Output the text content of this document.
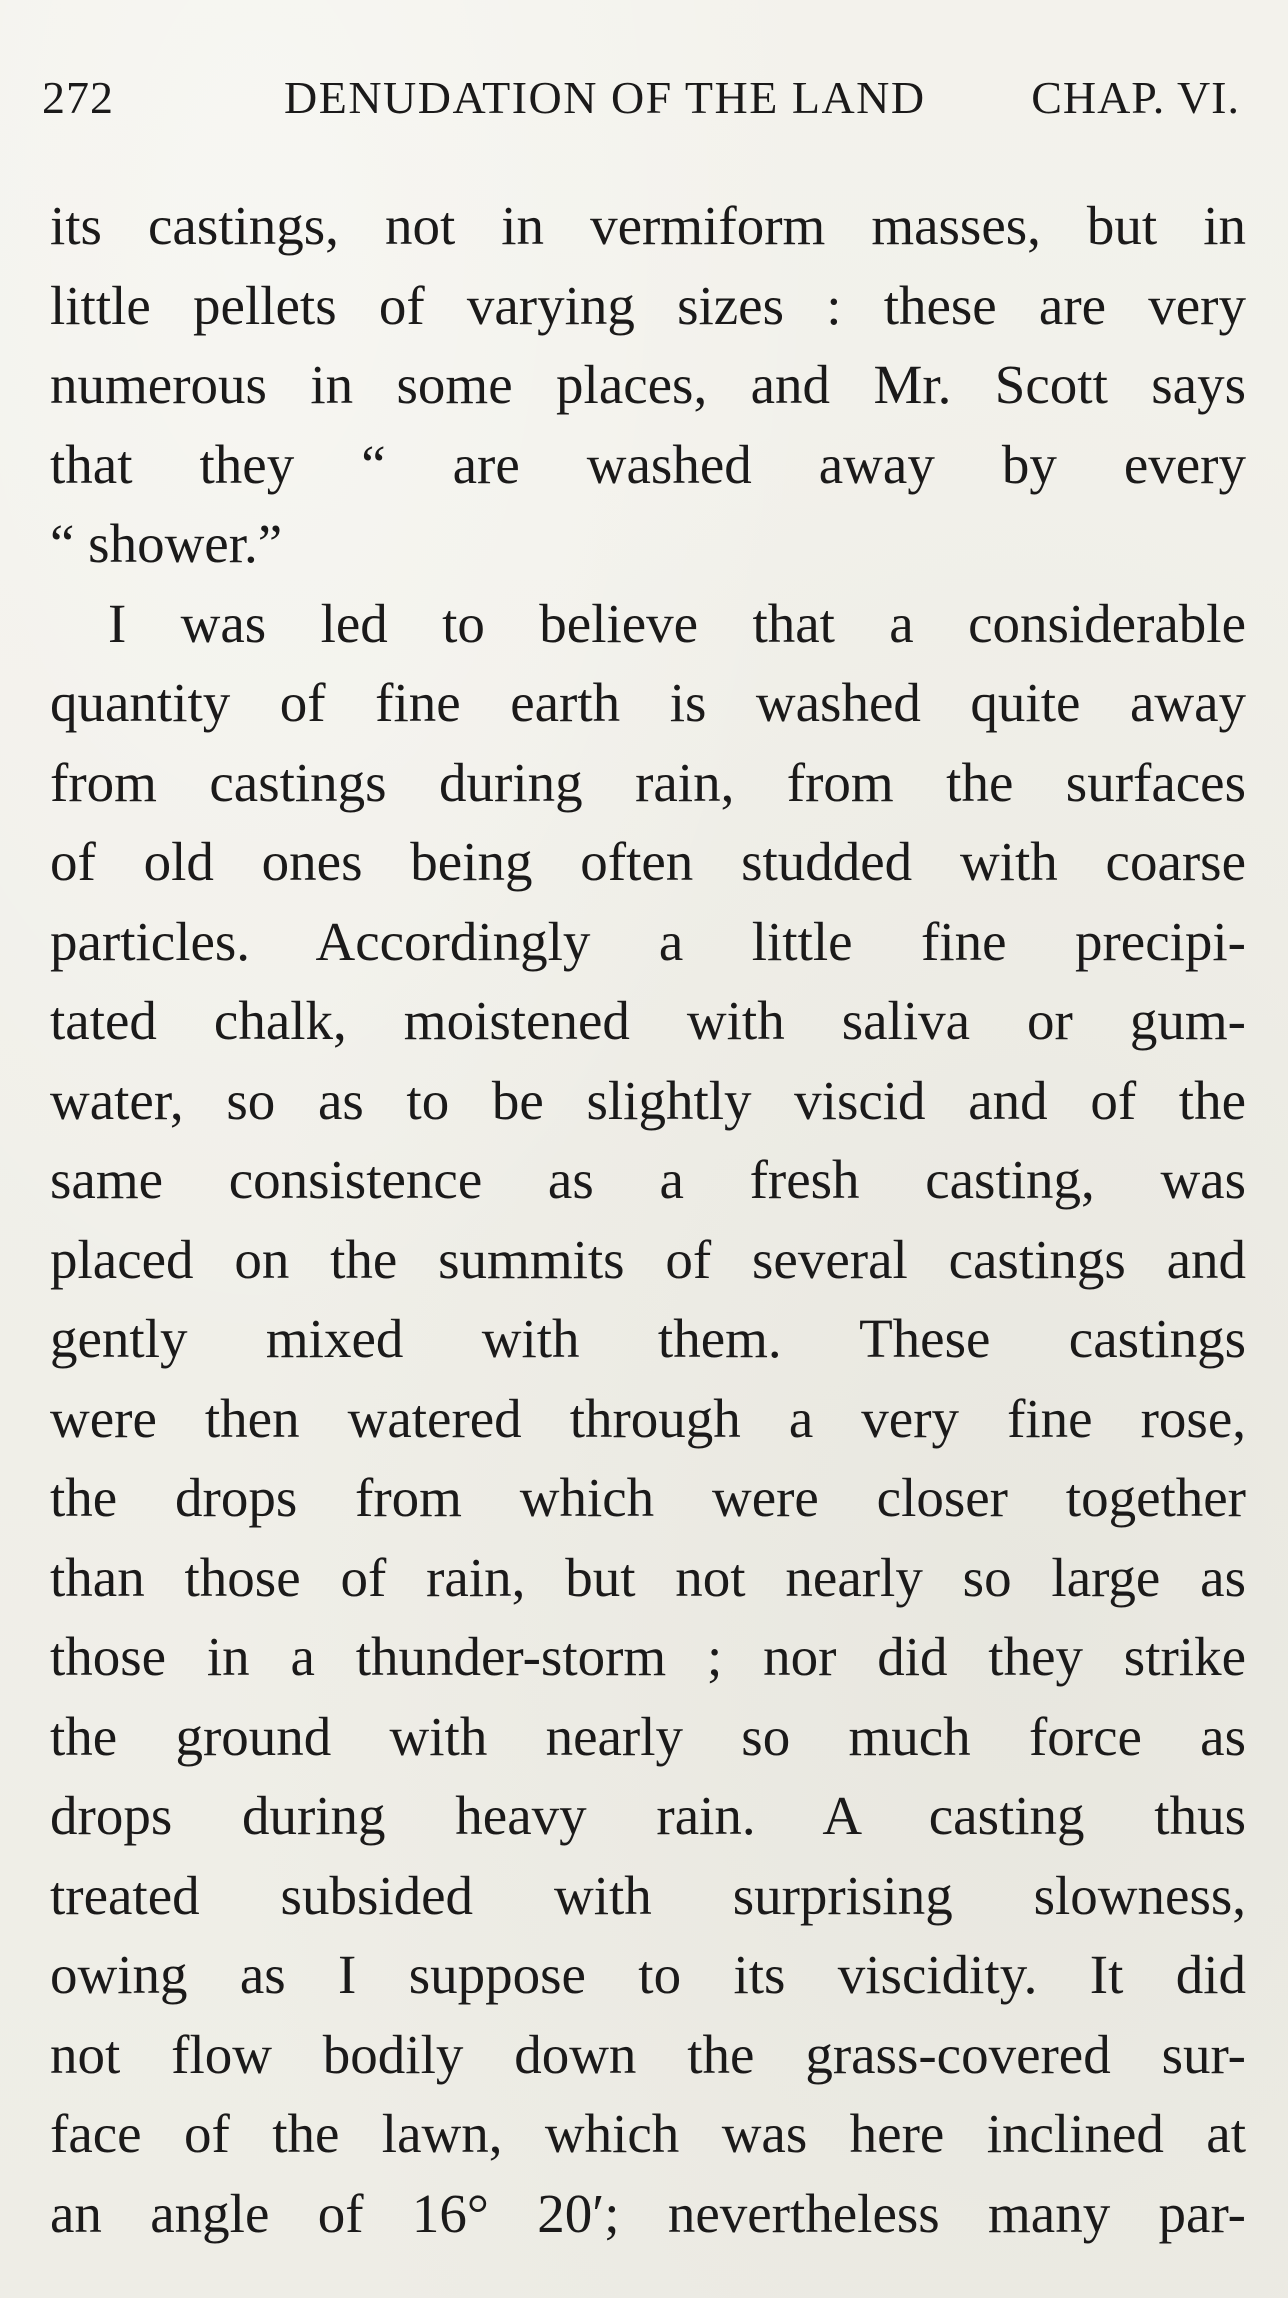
272	DENUDATION OF THE LAND CHAP. VI.
its castings, not in vermiform masses, but in
little pellets of varying sizes : these are very
numerous in some places, and Mr. Scott says
that they “ are washed away by every
“ shower.”
I was led to believe that a considerable
quantity of fine earth is washed quite away
from castings during rain, from the surfaces
of old ones being often studded with coarse
particles. Accordingly a little fine precipi-
tated chalk, moistened with saliva or gum-
water, so as to be slightly viscid and of the
same consistence as a fresh casting, was
placed on the summits of several castings and
gently mixed with them. These castings
were then watered through a very fine rose,
the drops from which were closer together
than those of rain, but not nearly so large as
those in a thunder-storm ; nor did they strike
the ground with nearly so much force as
drops during heavy rain. A casting thus
treated subsided with surprising slowness,
owing as I suppose to its viscidity. It did
not flow bodily down the grass-covered sur-
face of the lawn, which was here inclined at
an angle of 16° 20′; nevertheless many par-
